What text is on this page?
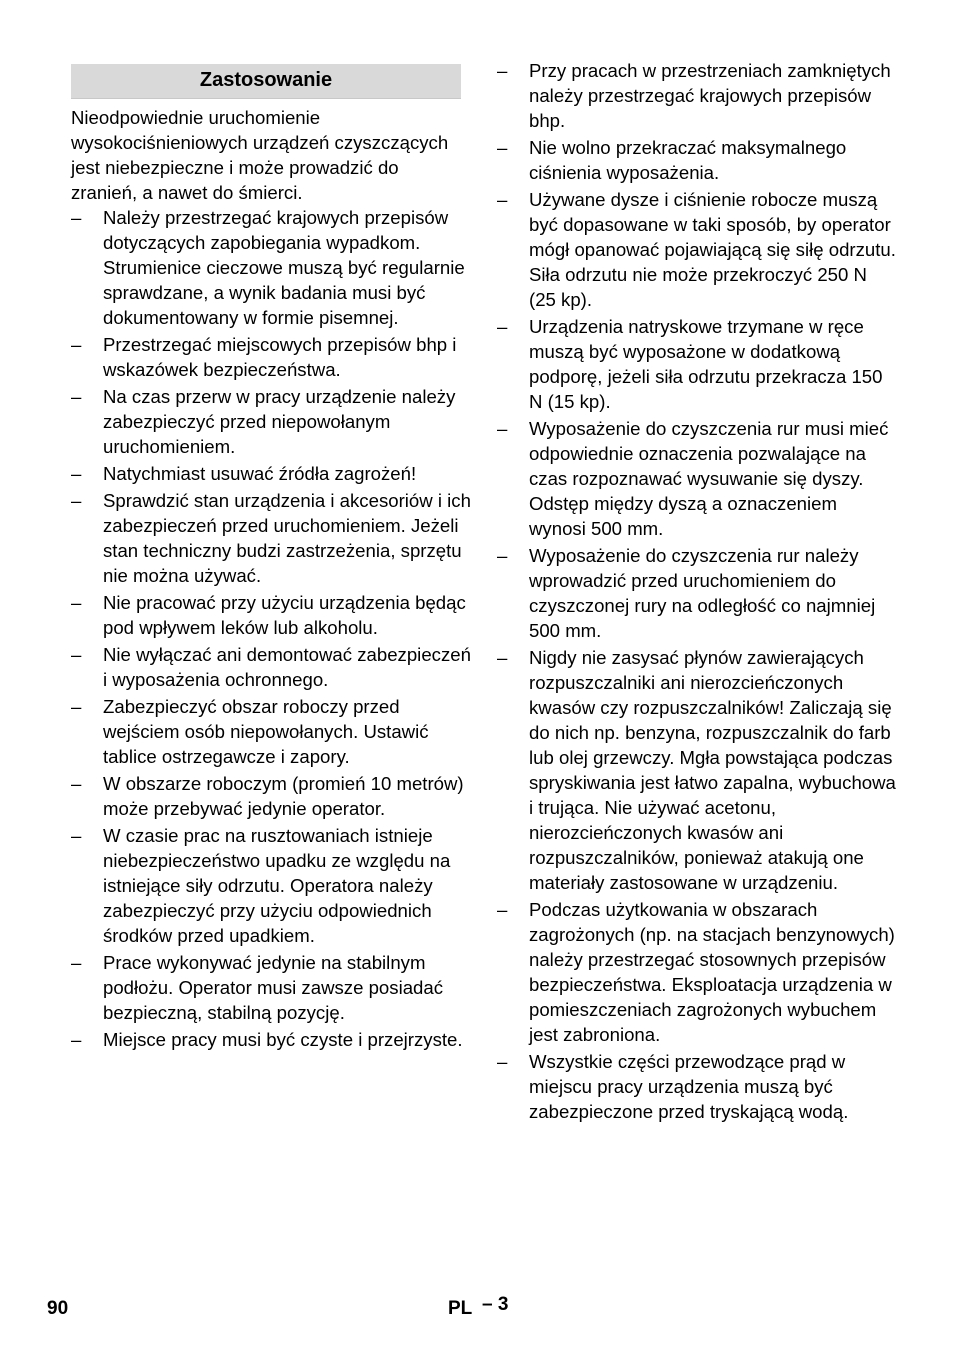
Zastosowanie
Nieodpowiednie uruchomienie wysokociśnieniowych urządzeń czyszczących jest niebezpieczne i może prowadzić do zranień, a nawet do śmierci.
– Należy przestrzegać krajowych przepisów dotyczących zapobiegania wypadkom. Strumienice cieczowe muszą być regularnie sprawdzane, a wynik badania musi być dokumentowany w formie pisemnej.
– Przestrzegać miejscowych przepisów bhp i wskazówek bezpieczeństwa.
– Na czas przerw w pracy urządzenie należy zabezpieczyć przed niepowołanym uruchomieniem.
– Natychmiast usuwać źródła zagrożeń!
– Sprawdzić stan urządzenia i akcesoriów i ich zabezpieczeń przed uruchomieniem. Jeżeli stan techniczny budzi zastrzeżenia, sprzętu nie można używać.
– Nie pracować przy użyciu urządzenia będąc pod wpływem leków lub alkoholu.
– Nie wyłączać ani demontować zabezpieczeń i wyposażenia ochronnego.
– Zabezpieczyć obszar roboczy przed wejściem osób niepowołanych. Ustawić tablice ostrzegawcze i zapory.
– W obszarze roboczym (promień 10 metrów) może przebywać jedynie operator.
– W czasie prac na rusztowaniach istnieje niebezpieczeństwo upadku ze względu na istniejące siły odrzutu. Operatora należy zabezpieczyć przy użyciu odpowiednich środków przed upadkiem.
– Prace wykonywać jedynie na stabilnym podłożu. Operator musi zawsze posiadać bezpieczną, stabilną pozycję.
– Miejsce pracy musi być czyste i przejrzyste.
– Przy pracach w przestrzeniach zamkniętych należy przestrzegać krajowych przepisów bhp.
– Nie wolno przekraczać maksymalnego ciśnienia wyposażenia.
– Używane dysze i ciśnienie robocze muszą być dopasowane w taki sposób, by operator mógł opanować pojawiającą się siłę odrzutu. Siła odrzutu nie może przekroczyć 250 N (25 kp).
– Urządzenia natryskowe trzymane w ręce muszą być wyposażone w dodatkową podporę, jeżeli siła odrzutu przekracza 150 N (15 kp).
– Wyposażenie do czyszczenia rur musi mieć odpowiednie oznaczenia pozwalające na czas rozpoznawać wysuwanie się dyszy. Odstęp między dyszą a oznaczeniem wynosi 500 mm.
– Wyposażenie do czyszczenia rur należy wprowadzić przed uruchomieniem do czyszczonej rury na odległość co najmniej 500 mm.
– Nigdy nie zasysać płynów zawierających rozpuszczalniki ani nierozcieńczonych kwasów czy rozpuszczalników! Zaliczają się do nich np. benzyna, rozpuszczalnik do farb lub olej grzewczy. Mgła powstająca podczas spryskiwania jest łatwo zapalna, wybuchowa i trująca. Nie używać acetonu, nierozcieńczonych kwasów ani rozpuszczalników, ponieważ atakują one materiały zastosowane w urządzeniu.
– Podczas użytkowania w obszarach zagrożonych (np. na stacjach benzynowych) należy przestrzegać stosownych przepisów bezpieczeństwa. Eksploatacja urządzenia w pomieszczeniach zagrożonych wybuchem jest zabroniona.
– Wszystkie części przewodzące prąd w miejscu pracy urządzenia muszą być zabezpieczone przed tryskającą wodą.
90	PL – 3
